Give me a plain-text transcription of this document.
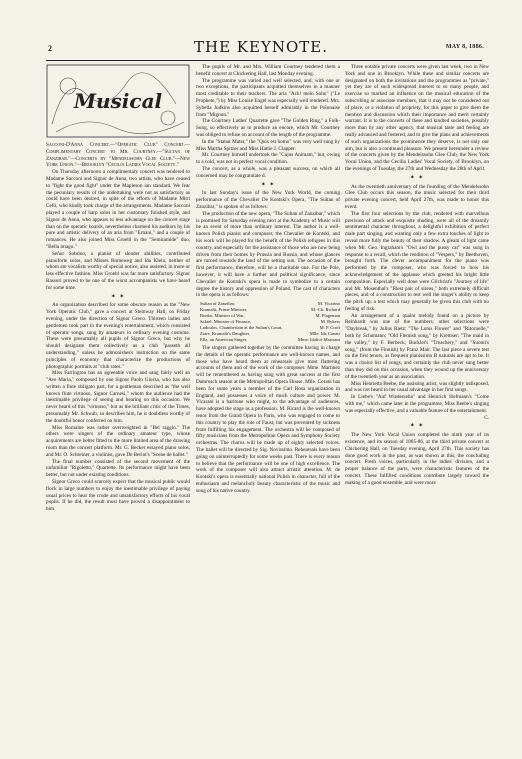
2	THE KEYNOTE.	MAY 8, 1886.
Musical

Sacconi-D'Anna Concert.—"Operatic Club" Concert.—Complimentary Concert to Mr. Courtney.—"Sultan of Zanzibar."—Concerts by "Mendelssohn Glee Club."—New York Union."—Brooklyn "Cecilia Ladies Vocal Society."

On Thursday afternoon a complimentary concert was tendered to Madame Sacconi and Signor de Anna, two artists, who have ceased to "fight the good fight" under the Mapleson ian standard. We fear the pecuniary results of the undertaking were not as satisfactory as could have been desired, in spite of the efforts of Madame Mitri Celli, who kindly took charge of the arrangements. Madame Sacconi played a couple of harp solos in her customary finished style, and Signor de Anna, who appears to less advantage on the concert stage than on the operatic boards, nevertheless charmed his auditors by his pure and artistic delivery of an aria from "Ernani," and a couple of romances. He also joined Miss Groebl in the "Semiramide" duo, "Bella imago."

Señor Sobrino, a pianist of slender abilities, contributed pianoforte solos, and Misses Romeweg and Ida Klein, neither of whom are vocalists worthy of special notice, also assisted, in more or less effective fashion. Miss Groebl was far more satisfactory. Signor Rassori proved to be one of the worst accompanists we have heard for some time.

✶ ✶

An organization described for some obscure reason as the "New York Operatic Club," gave a concert at Steinway Hall, on Friday evening, under the direction of Signor Greco. Thirteen ladies and gentlemen took part in the evening's entertainment, which consisted of operatic songs, sung by amateurs in ordinary evening costume. These were presumably all pupils of Signor Greco, but why he should designate them collectively as a club "passeth all understanding," unless he admonishes's instruction on the same principles of economy that characterize the productions of photographic portraits at "club rates."

Miss Farrington has an agreeable voice and sang fairly well an "Ave Maria," composed by one Signor Paolo Giorza, who has also written a flute obligato part, for a gentleman described as "the well known flute virtuoso, Signor Carnesi," whom the audience had the inestimable privilege of seeing and hearing on this occasion. We never heard of this "virtuoso," but as the brilliant critic of the Times, presumably Mr. Schwab, so describes him, he is doubtless worthy of the doubtful honor conferred on him.

Miss Romaine was rather overweighted in "Bel raggio." The others were singers of the ordinary amateur type, whose acquirements are better fitted to the more limited area of the drawing room than the concert platform. Mr. G. Becker essayed piano solos, and Mr. O. Schreiner, a violinist, gave De Beriot's "Scene de ballet."

The final number consisted of the second movement of the unfamiliar "Rigoletto," Quartette. Its performance might have been better, but not under existing conditions.

Signor Greco could scarcely expect that the musical public would flock in large numbers to enjoy the inestimable privilege of paying usual prices to hear the crude and unsatisfactory efforts of his vocal pupils. If he did, the result must have proved a disappointment to him.

The pupils of Mr. and Mrs. William Courtney tendered them a benefit concert at Chickering Hall, last Monday evening.

The programme was varied and well selected, and, with one or two exceptions, the participants acquitted themselves in a manner most creditable to their teachers. The aria "Ach! mein Sohn" ("Le Prophete,") by Miss Louise Engel was especially well rendered. Mrs. Sybella Judkins also acquitted herself admirably in the Polonaise from "Mignon."

The Courtney Ladies' Quartette gave "The Golden Ring," a Folk-Song, so effectively as to produce an encore, which Mr. Courtney was obliged to refuse on account of the length of the programme.

In the "Stabat Mater," the "Quis est homo" was very well sung by Miss Martha Spitzer and Miss Hattie J. Clapper.

Mr. Courtney himself undertook the "Cujus Animam," but, owing to a cold, was not in perfect vocal condition.

The concert, as a whole, was a pleasant success, on which all concerned may be congratulate d.

✶ ✶

In last Sunday's issue of the New York World, the coming performance of the Chevalier De Kontski's Opera, "The Sultan of Zanzibar," is spoken of as follows:

The production of the new opera, "The Sultan of Zanzibar," which is promised for Saturday evening next at the Academy of Music will be an event of more than ordinary interest. The author is a well-known Polish pianist and composer, the Chevalier de Kontski, and his work will be played for the benefit of the Polish refugees in this country, and especially for the assistance of those who are now being driven from their homes by Prussia and Russia, and whose glances are turned towards the land of the setting sun. The occasion of the first performance, therefore, will be a charitable one. For the Pole, however, it will have a further and political significance, since Chevalier de Kontski's opera is made to symbolize to a certain degree the history and oppression of Poland. The cast of characters in the opera is as follows:

Sultan of Zanzibar,	M. Vicarino
Kramalit, Prime Minister,	M.-Ch. Richard
Bonbo, Minister of War,	M. Plageman
Saktel, Minister of Finance,	M. Rykers
Ladoulos, Chamberlain at the Sultan's Court,	M. P. Croft
Zaire, Kramalit's Daughter,	Mlle. Ida Conati
Ella, an American Singer,	Mme. Idalice Marisani

The singers gathered together by the committee having in charge the details of the operatic performance are well-known names, and those who have heard them at rehearsals give most flattering accounts of them and of the work of the composer. Mme. Martinez will be remembered as having sung with great success at the first Damrosch season at the Metropolitan Opera House. Mlle. Corani has been for some years a member of the Carl Rosa organization in England, and possesses a voice of much culture and power. M. Vicarani is a baritone who might, to the advantage of audiences, have adopted the stage as a profession. M. Ricard is the well-known tenor from the Grand Opera in Paris, who was engaged to come to this country to play the role of Faust, but was prevented by sickness from fulfilling his engagement. The orchestra will be composed of fifty musicians from the Metropolitan Opera and Symphony Society orchestras. The chorus will be made up of eighty selected voices. The ballet will be directed by Sig. Novissimo. Rehearsals have been going on uninterruptedly for some weeks past. There is every reason to believe that the performance will be one of high excellence. The work of the composer will also attract artistic attention. M. de Kontski's opera is essentially national Polish in character, full of the enthusiasm and melancholy beauty characteristic of the music and song of his native country.

Three notable private concerts were given last week, two in New York and one in Brooklyn. While these and similar concerts are designated on both the invitations and the programmes as "private," yet they are of such widespread interest to so many people, and exercise so marked an influence on the musical education of the subscribing or associate members, that it may not be considered out of place, or a violation of propriety, for this paper to give them the mention and discussion which their importance and merit certainly warrant. It is to the concerts of these and kindred societies, possibly more than by any other agency, that musical taste and feeling are really advanced and fostered, and to give the plans and achievements of such organizations the prominence they deserve, is not only our aim, but is also a continued pleasure. We present hereunder a review of the concerts given by the Mendelssohn Glee Club, the New York Vocal Union, and the Cecilia Ladies' Vocal Society, of Brooklyn, on the evenings of Tuesday, the 27th and Wednesday the 28th of April.

✶ ✶

As the twentieth anniversary of the founding of the Mendelssohn Glee Club occurs this season, the music selected for their third private evening concert, held April 27th, was made to honor this event.

The first four selections by the club, rendered with marvellous precision of attack and exquisite shading, were all of the dreamily sentimental character throughout, a delightful exhibition of perfect male part singing, and wanting only a few extra touches of light to reveal more fully the beauty of their shadow. A gleam of light came when Mr. Geo. Ingraham's "Owl and the pussy cat" was sung in response to a recall, which the rendition of "Vespers," by Beethoven, brought forth. The clever accompaniment for the piano was performed by the composer, who was forced to bow his acknowledgement of the applause which greeted his bright little composition. Especially well done were Gilchrist's "Journey of life" and Mr. Mosenthal's "Blest pair of sirens," both extremely difficult pieces, and of a construction to test well the singer's ability to keep the pitch up; a test which may generally be given this club with no feeling of risk.

An arrangement of a quaint melody found on a picture by Reinhardt was one of the numbers; other selections were "Daybreak," by Julius Rietz; "The Lotus Flower" and "Ritornelle," both by Schumann; "Old Flemish song," by Kremser; "The maid in the valley," by F. Berbeck; Buckler's "Treachery," and "Suomi's song," (from the Finnish) by Franz Mair. The last piece a severe test on the first tenors, as frequent pianissimo B naturals are apt to be. It was a choice list of songs, and certainly the club never sang better than they did on this occasion, when they wound up the anniversary of the twentieth year as an association.

Miss Henrietta Beebe, the assisting artist, was slightly indisposed, and was not heard to her usual advantage in her first songs.

In Liebe's "Auf Wiedersehn" and Heinrich Hofmann's "Come with me," which came later in the programme, Miss Beebe's singing was especially effective, and a valuable feature of the entertainment.

C.

✶ ✶

The New York Vocal Union completed the ninth year of its existence, and its season of 1885-86, at the third private concert at Chickering Hall, on Tuesday evening, April 27th. This society has done good work in the past, as was shown at this, the concluding concert. Fresh voices, particularly in the ladies' division, and a proper balance of the parts, were characteristic features of the concert. These fulfilled conditions contribute largely toward the making of a good ensemble, and were more
